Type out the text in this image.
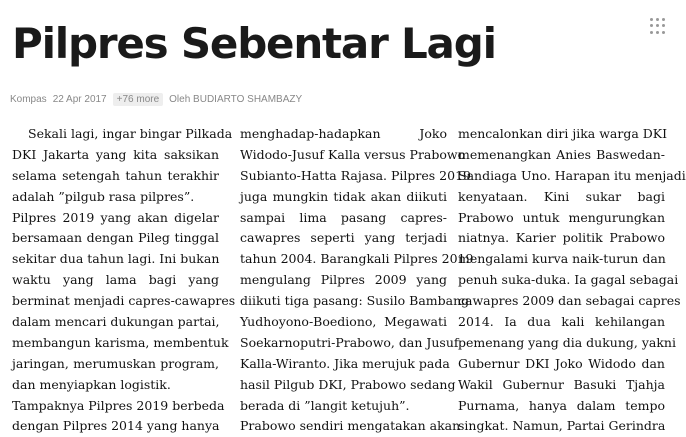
Pilpres Sebentar Lagi
Kompas 22 Apr 2017	+76 more	Oleh BUDIARTO SHAMBAZY
Sekali lagi, ingar bingar Pilkada
DKI Jakarta yang kita saksikan
selama setengah tahun terakhir
adalah ”pilgub rasa pilpres”.
Pilpres 2019 yang akan digelar
bersamaan dengan Pileg tinggal
sekitar dua tahun lagi. Ini bukan
waktu yang lama bagi yang
berminat menjadi capres-cawapres
dalam mencari dukungan partai,
membangun karisma, membentuk
jaringan, merumuskan program,
dan menyiapkan logistik.
Tampaknya Pilpres 2019 berbeda
dengan Pilpres 2014 yang hanya
menghadap-hadapkan Joko
Widodo-Jusuf Kalla versus Prabowo
Subianto-Hatta Rajasa. Pilpres 2019
juga mungkin tidak akan diikuti
sampai lima pasang capres-
cawapres seperti yang terjadi
tahun 2004. Barangkali Pilpres 2019
mengulang Pilpres 2009 yang
diikuti tiga pasang: Susilo Bambang
Yudhoyono-Boediono, Megawati
Soekarnoputri-Prabowo, dan Jusuf
Kalla-Wiranto. Jika merujuk pada
hasil Pilgub DKI, Prabowo sedang
berada di ”langit ketujuh”.
Prabowo sendiri mengatakan akan
mencalonkan diri jika warga DKI
memenangkan Anies Baswedan-
Sandiaga Uno. Harapan itu menjadi
kenyataan. Kini sukar bagi
Prabowo untuk mengurungkan
niatnya. Karier politik Prabowo
mengalami kurva naik-turun dan
penuh suka-duka. Ia gagal sebagai
cawapres 2009 dan sebagai capres
2014. Ia dua kali kehilangan
pemenang yang dia dukung, yakni
Gubernur DKI Joko Widodo dan
Wakil Gubernur Basuki Tjahja
Purnama, hanya dalam tempo
singkat. Namun, Partai Gerindra
